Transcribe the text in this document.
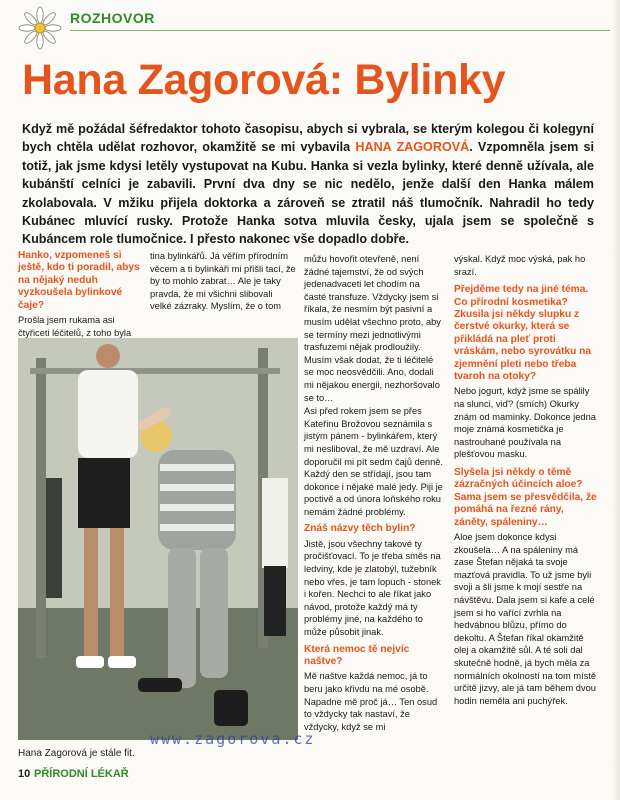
ROZHOVOR
Hana Zagorová: Bylinky
Když mě požádal šéfredaktor tohoto časopisu, abych si vybrala, se kterým kolegou či kolegyní bych chtěla udělat rozhovor, okamžitě se mi vybavila HANA ZAGOROVÁ. Vzpomněla jsem si totiž, jak jsme kdysi letěly vystupovat na Kubu. Hanka si vezla bylinky, které denně užívala, ale kubánští celníci je zabavili. První dva dny se nic nedělo, jenže další den Hanka málem zkolabovala. V mžiku přijela doktorka a zároveň se ztratil náš tlumočník. Nahradil ho tedy Kubánec mluvící rusky. Protože Hanka sotva mluvila česky, ujala jsem se společně s Kubáncem role tlumočnice. I přesto nakonec vše dopadlo dobře.

Hanko, vzpomeneš si ještě, kdo ti poradil, abys na nějaký neduh vyzkoušela bylinkové čaje?

Prošla jsem rukama asi čtyřiceti léčitelů, z toho byla

tina bylinkářů. Já věřím přírodním věcem a ti bylinkáři mi přišli tací, že by to mohlo zabrat… Ale je taky pravda, že mi všichni slibovali velké zázraky. Myslím, že o tom

můžu hovořit otevřeně, není žádné tajemství, že od svých jedenadvaceti let chodím na časté transfuze. Vždycky jsem si říkala, že nesmím být pasivní a musím udělat všechno proto, aby se termíny mezi jednotlivými trasfuzemi nějak prodloužily. Musím však dodat, že ti léčitelé se moc neosvědčili. Ano, dodali mi nějakou energii, nezhoršovalo se to…

Asi před rokem jsem se přes Kateřinu Brožovou seznámila s jistým pánem - bylinkářem, který mi nesliboval, že mě uzdraví. Ale doporučil mi pít sedm čajů denně. Každý den se střídají, jsou tam dokonce i nějaké malé jedy. Piji je poctivě a od února loňského roku nemám žádné problémy.

Znáš názvy těch bylin?

Jistě, jsou všechny takové ty pročišťovací. To je třeba směs na ledviny, kde je zlatobýl, tužebník nebo vřes, je tam lopuch - stonek i kořen. Nechci to ale říkat jako návod, protože každý má ty problémy jiné, na každého to může působit jinak.

Která nemoc tě nejvíc naštve?

Mě naštve každá nemoc, já to beru jako křivdu na mé osobě. Napadne mě proč já… Ten osud to vždycky tak nastaví, že vždycky, když se mi

výskal. Když moc výská, pak ho srazí.

Přejděme tedy na jiné téma. Co přírodní kosmetika? Zkusila jsi někdy slupku z čerstvé okurky, která se přikládá na pleť proti vráskám, nebo syrovátku na zjemnění pleti nebo třeba tvaroh na otoky?

Nebo jogurt, když jsme se spálily na slunci, viď? (smích) Okurky znám od maminky. Dokonce jedna moje známá kosmetička je nastrouhané používala na plešťovou masku.

Slyšela jsi někdy o těmě zázračných účincích aloe? Sama jsem se přesvědčila, že pomáhá na řezné rány, záněty, spáleniny…

Aloe jsem dokonce kdysi zkoušela… A na spáleniny má zase Štefan nějaká ta svoje mazťová pravidla. To už jsme byli svoji a šli jsme k mojí sestře na návštěvu. Dala jsem si kafe a celé jsem si ho vařící zvrhla na hedvábnou blůzu, přímo do dekoltu. A Štefan říkal okamžitě olej a okamžitě sůl. A té soli dal skutečně hodně, já bych měla za normálních okolností na tom místě určitě jizvy, ale já tam během dvou hodin neměla ani puchýřek.

Hana Zagorová je stále fit.
www.zagorova.cz
10 PŘÍRODNÍ LÉKAŘ
